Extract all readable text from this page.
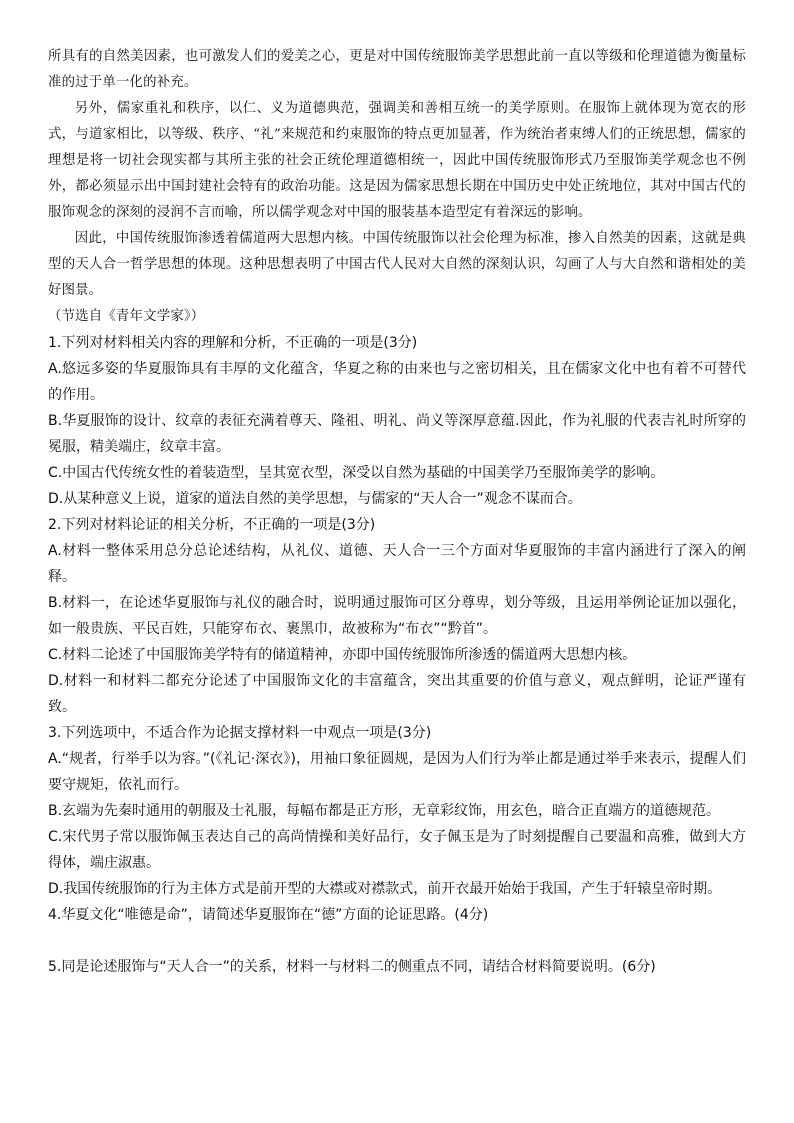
所具有的自然美因素，也可激发人们的爱美之心，更是对中国传统服饰美学思想此前一直以等级和伦理道德为衡量标准的过于单一化的补充。

另外，儒家重礼和秩序，以仁、义为道德典范，强调美和善相互统一的美学原则。在服饰上就体现为宽衣的形式，与道家相比，以等级、秩序、“礼”来规范和约束服饰的特点更加显著，作为统治者束缚人们的正统思想，儒家的理想是将一切社会现实都与其所主张的社会正统伦理道德相统一，因此中国传统服饰形式乃至服饰美学观念也不例外，都必须显示出中国封建社会特有的政治功能。这是因为儒家思想长期在中国历史中处正统地位，其对中国古代的服饰观念的深刻的浸润不言而喻，所以儒学观念对中国的服装基本造型定有着深远的影响。

因此，中国传统服饰渗透着儒道两大思想内核。中国传统服饰以社会伦理为标准，掺入自然美的因素，这就是典型的天人合一哲学思想的体现。这种思想表明了中国古代人民对大自然的深刻认识，勾画了人与大自然和谐相处的美好图景。

（节选自《青年文学家》）

1.下列对材料相关内容的理解和分析，不正确的一项是(3分)

A.悠远多姿的华夏服饰具有丰厚的文化蕴含，华夏之称的由来也与之密切相关，且在儒家文化中也有着不可替代的作用。

B.华夏服饰的设计、纹章的表征充满着尊天、隆祖、明礼、尚义等深厚意蕴.因此，作为礼服的代表吉礼时所穿的冕服，精美端庄，纹章丰富。

C.中国古代传统女性的着装造型，呈其宽衣型，深受以自然为基础的中国美学乃至服饰美学的影响。

D.从某种意义上说，道家的道法自然的美学思想，与儒家的“天人合一”观念不谋而合。

2.下列对材料论证的相关分析，不正确的一项是(3分)

A.材料一整体采用总分总论述结构，从礼仪、道德、天人合一三个方面对华夏服饰的丰富内涵进行了深入的阐释。

B.材料一，在论述华夏服饰与礼仪的融合时，说明通过服饰可区分尊卑，划分等级，且运用举例论证加以强化，如一般贵族、平民百姓，只能穿布衣、裹黑巾，故被称为“布衣”“黔首”。

C.材料二论述了中国服饰美学特有的储道精神，亦即中国传统服饰所渗透的儒道两大思想内核。

D.材料一和材料二都充分论述了中国服饰文化的丰富蕴含，突出其重要的价值与意义，观点鲜明，论证严谨有致。

3.下列选项中，不适合作为论据支撑材料一中观点一项是(3分)

A.“规者，行举手以为容。”(《礼记·深衣》)，用袖口象征圆规，是因为人们行为举止都是通过举手来表示，提醒人们要守规矩，依礼而行。

B.玄端为先秦时通用的朝服及士礼服，每幅布都是正方形，无章彩纹饰，用玄色，暗合正直端方的道德规范。

C.宋代男子常以服饰佩玉表达自己的高尚情操和美好品行，女子佩玉是为了时刻提醒自己要温和高雅，做到大方得体，端庄淑惠。

D.我国传统服饰的行为主体方式是前开型的大襟或对襟款式，前开衣最开始始于我国，产生于轩辕皇帝时期。

4.华夏文化“唯德是命”，请简述华夏服饰在“德”方面的论证思路。(4分)

5.同是论述服饰与“天人合一”的关系，材料一与材料二的侧重点不同，请结合材料简要说明。(6分)
